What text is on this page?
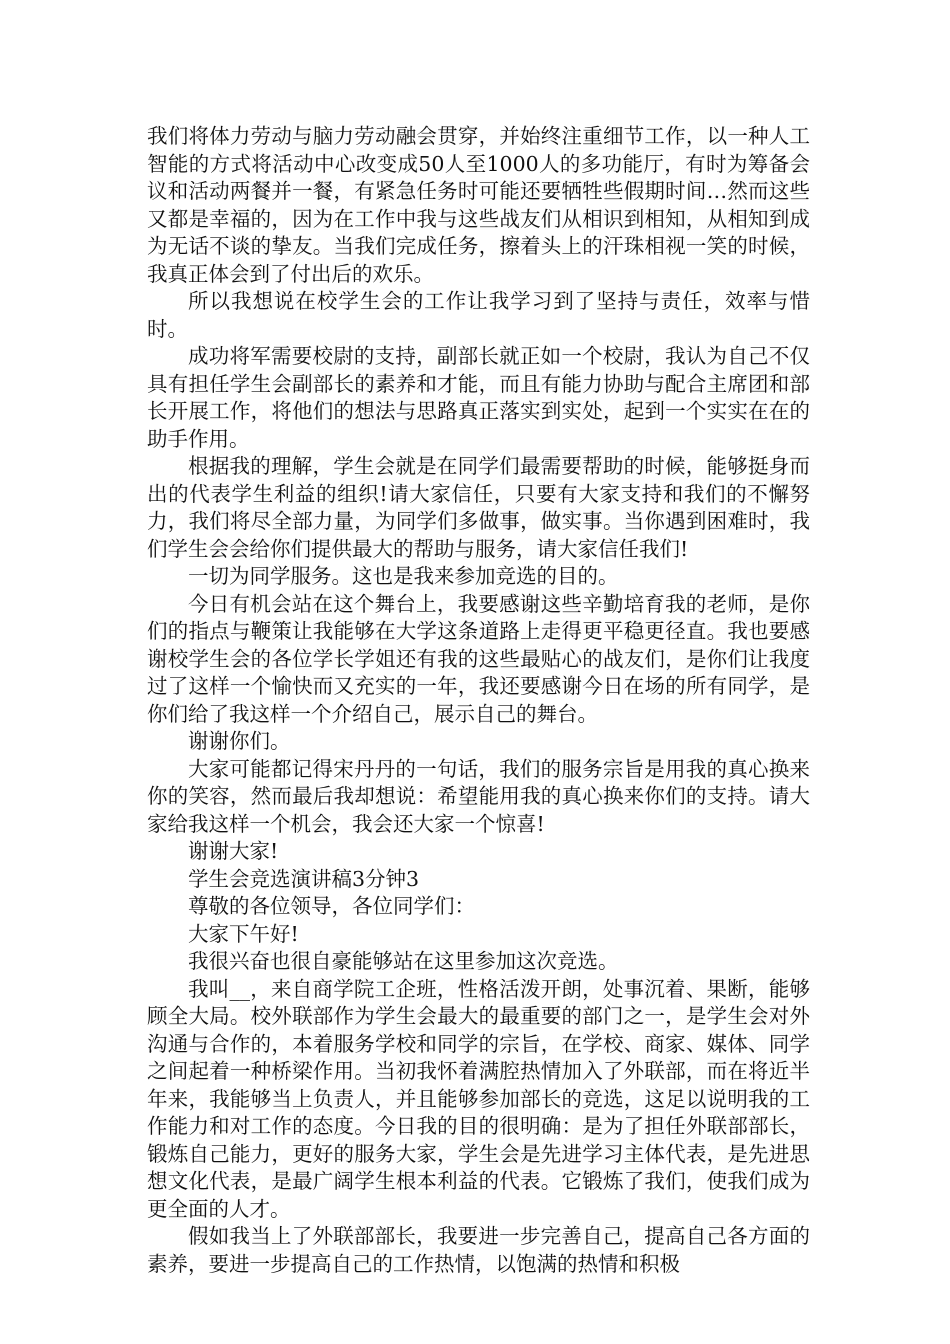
我们将体力劳动与脑力劳动融会贯穿，并始终注重细节工作，以一种人工智能的方式将活动中心改变成50人至1000人的多功能厅，有时为筹备会议和活动两餐并一餐，有紧急任务时可能还要牺牲些假期时间…然而这些又都是幸福的，因为在工作中我与这些战友们从相识到相知，从相知到成为无话不谈的挚友。当我们完成任务，擦着头上的汗珠相视一笑的时候，我真正体会到了付出后的欢乐。

所以我想说在校学生会的工作让我学习到了坚持与责任，效率与惜时。

成功将军需要校尉的支持，副部长就正如一个校尉，我认为自己不仅具有担任学生会副部长的素养和才能，而且有能力协助与配合主席团和部长开展工作，将他们的想法与思路真正落实到实处，起到一个实实在在的助手作用。

根据我的理解，学生会就是在同学们最需要帮助的时候，能够挺身而出的代表学生利益的组织!请大家信任，只要有大家支持和我们的不懈努力，我们将尽全部力量，为同学们多做事，做实事。当你遇到困难时，我们学生会会给你们提供最大的帮助与服务，请大家信任我们!

一切为同学服务。这也是我来参加竞选的目的。

今日有机会站在这个舞台上，我要感谢这些辛勤培育我的老师，是你们的指点与鞭策让我能够在大学这条道路上走得更平稳更径直。我也要感谢校学生会的各位学长学姐还有我的这些最贴心的战友们，是你们让我度过了这样一个愉快而又充实的一年，我还要感谢今日在场的所有同学，是你们给了我这样一个介绍自己，展示自己的舞台。

谢谢你们。

大家可能都记得宋丹丹的一句话，我们的服务宗旨是用我的真心换来你的笑容，然而最后我却想说：希望能用我的真心换来你们的支持。请大家给我这样一个机会，我会还大家一个惊喜!

谢谢大家!

学生会竞选演讲稿3分钟3

尊敬的各位领导，各位同学们：

大家下午好!

我很兴奋也很自豪能够站在这里参加这次竞选。

我叫__，来自商学院工企班，性格活泼开朗，处事沉着、果断，能够顾全大局。校外联部作为学生会最大的最重要的部门之一，是学生会对外沟通与合作的，本着服务学校和同学的宗旨，在学校、商家、媒体、同学之间起着一种桥梁作用。当初我怀着满腔热情加入了外联部，而在将近半年来，我能够当上负责人，并且能够参加部长的竞选，这足以说明我的工作能力和对工作的态度。今日我的目的很明确：是为了担任外联部部长，锻炼自己能力，更好的服务大家，学生会是先进学习主体代表，是先进思想文化代表，是最广阔学生根本利益的代表。它锻炼了我们，使我们成为更全面的人才。

假如我当上了外联部部长，我要进一步完善自己，提高自己各方面的素养，要进一步提高自己的工作热情，以饱满的热情和积极
